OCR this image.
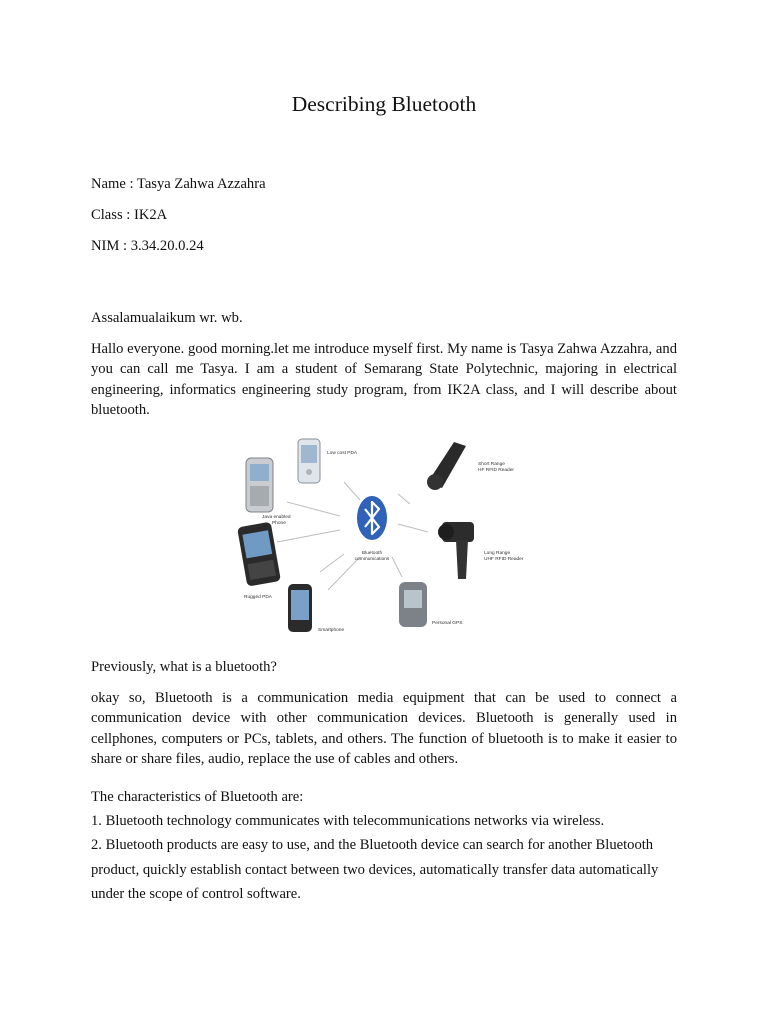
Describing Bluetooth
Name : Tasya Zahwa Azzahra
Class : IK2A
NIM : 3.34.20.0.24
Assalamualaikum wr. wb.

Hallo everyone. good morning.let me introduce myself first. My name is Tasya Zahwa Azzahra, and you can call me Tasya. I am a student of Semarang State Polytechnic, majoring in electrical engineering, informatics engineering study program, from IK2A class, and I will describe about bluetooth.

Bluetooth
communications
Low cost PDA
Short Range
HF RFID Reader
Java enabled
Phone
Long Range
UHF RFID Reader
Rugged PDA
Smartphone
Personal GPS
Previously, what is a bluetooth?

okay so, Bluetooth is a communication media equipment that can be used to connect a communication device with other communication devices. Bluetooth is generally used in cellphones, computers or PCs, tablets, and others. The function of bluetooth is to make it easier to share or share files, audio, replace the use of cables and others.

The characteristics of Bluetooth are:
1. Bluetooth technology communicates with telecommunications networks via wireless.
2. Bluetooth products are easy to use, and the Bluetooth device can search for another Bluetooth
product, quickly establish contact between two devices, automatically transfer data automatically
under the scope of control software.
